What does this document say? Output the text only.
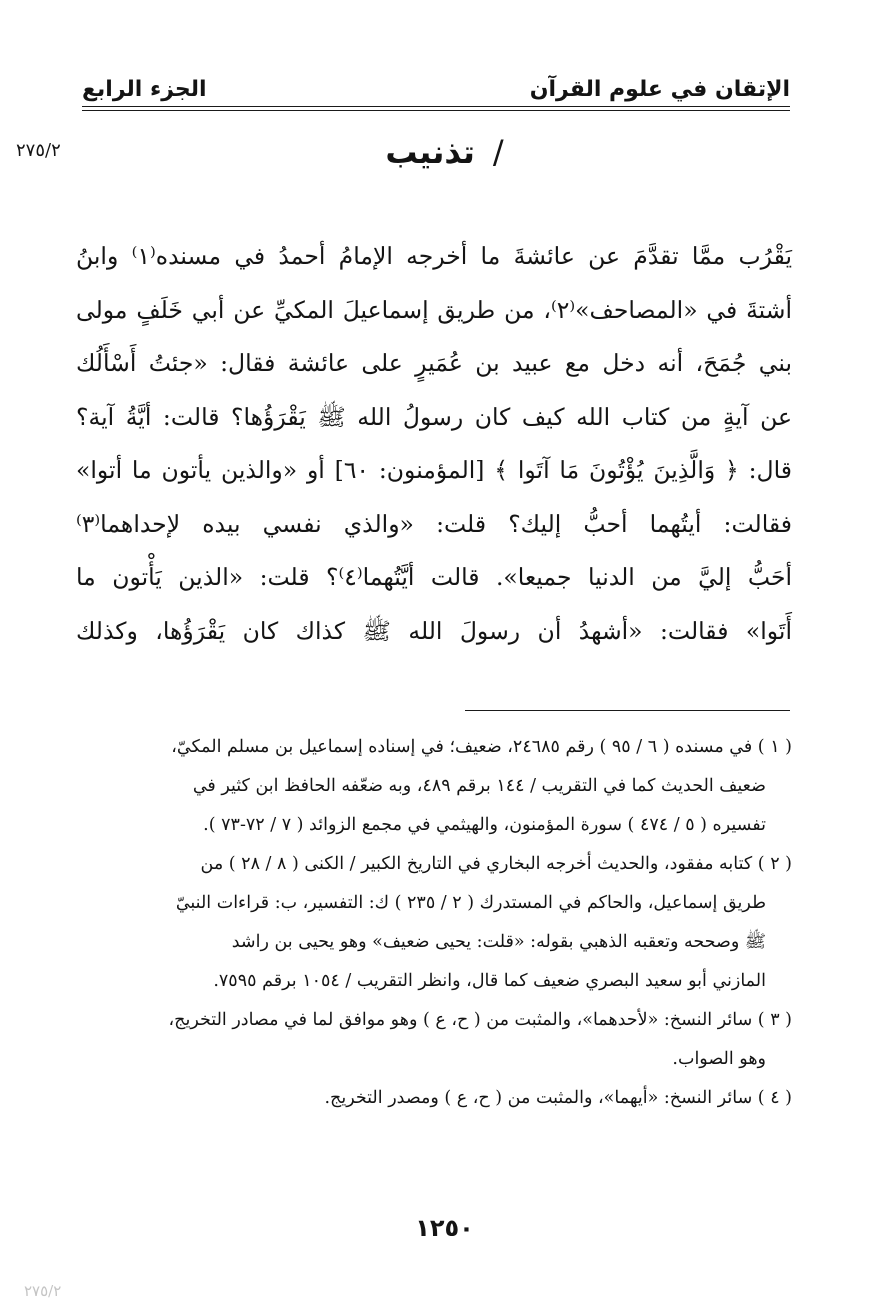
الإتقان في علوم القرآن
الجزء الرابع
٢٧٥/٢	/
تذنيب

يَقْرُب ممَّا تقدَّمَ عن عائشةَ ما أخرجه الإمامُ أحمدُ في مسنده⁽١⁾ وابنُ

أشتةَ في «المصاحف»⁽٢⁾، من طريق إسماعيلَ المكيِّ عن أبي خَلَفٍ مولى

بني جُمَحَ، أنه دخل مع عبيد بن عُمَيرٍ على عائشة فقال: «جئتُ أَسْأَلُك

عن آيةٍ من كتاب الله كيف كان رسولُ الله ﷺ يَقْرَؤُها؟ قالت: أيَّةُ آية؟

قال: ﴿ وَالَّذِينَ يُؤْتُونَ مَا آتَوا ﴾ [المؤمنون: ٦٠] أو «والذين يأتون ما أتوا»

فقالت: أيتُهما أحبُّ إليك؟ قلت: «والذي نفسي بيده لإحداهما⁽٣⁾

أحَبُّ إليَّ من الدنيا جميعا». قالت أيَّتُهما⁽٤⁾؟ قلت: «الذين يَأْتون ما

أَتَوا» فقالت: «أشهدُ أن رسولَ الله ﷺ كذاك كان يَقْرَؤُها، وكذلك

( ١ ) في مسنده ( ٦ / ٩٥ ) رقم ٢٤٦٨٥، ضعيف؛ في إسناده إسماعيل بن مسلم المكيّ،
ضعيف الحديث كما في التقريب / ١٤٤ برقم ٤٨٩، وبه ضعّفه الحافظ ابن كثير في
تفسيره ( ٥ / ٤٧٤ ) سورة المؤمنون، والهيثمي في مجمع الزوائد ( ٧ / ٧٢-٧٣ ).
( ٢ ) كتابه مفقود، والحديث أخرجه البخاري في التاريخ الكبير / الكنى ( ٨ / ٢٨ ) من
طريق إسماعيل، والحاكم في المستدرك ( ٢ / ٢٣٥ ) ك: التفسير، ب: قراءات النبيّ
ﷺ وصححه وتعقبه الذهبي بقوله: «قلت: يحيى ضعيف» وهو يحيى بن راشد
المازني أبو سعيد البصري ضعيف كما قال، وانظر التقريب / ١٠٥٤ برقم ٧٥٩٥.
( ٣ ) سائر النسخ: «لأحدهما»، والمثبت من ( ح، ع ) وهو موافق لما في مصادر التخريج،
وهو الصواب.
( ٤ ) سائر النسخ: «أيهما»، والمثبت من ( ح، ع ) ومصدر التخريج.
١٢٥٠
٢٧٥/٢
